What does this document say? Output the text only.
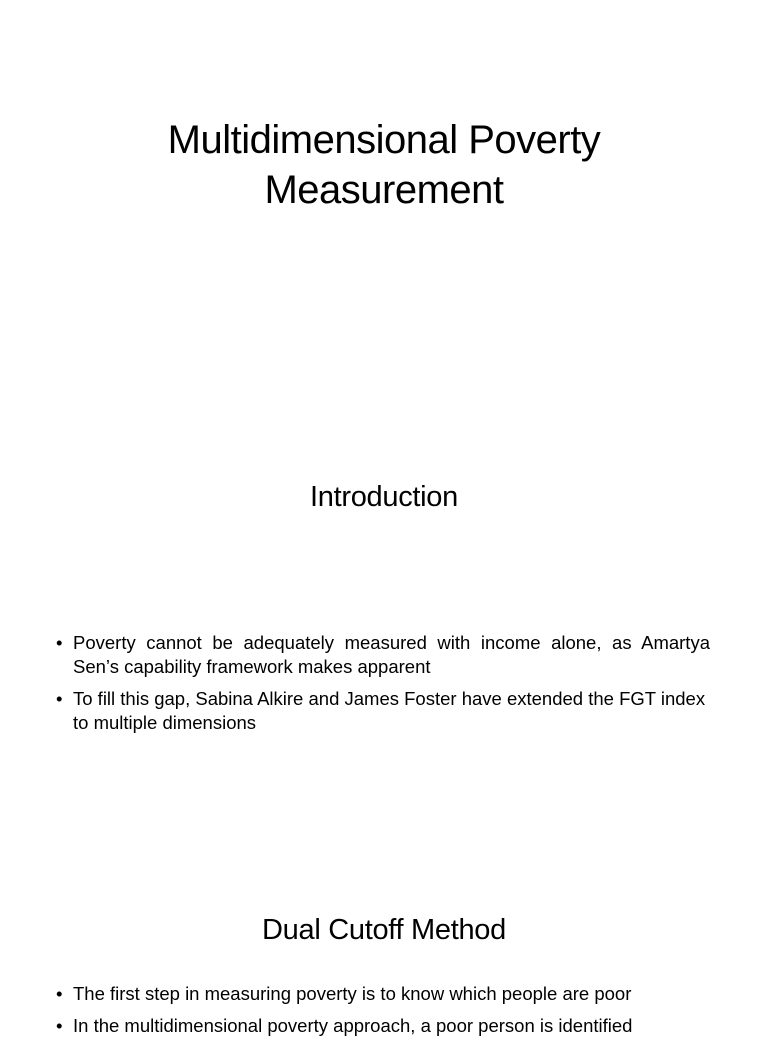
Multidimensional Poverty Measurement
Introduction
• Poverty cannot be adequately measured with income alone, as Amartya Sen’s capability framework makes apparent
• To fill this gap, Sabina Alkire and James Foster have extended the FGT index to multiple dimensions
Dual Cutoff Method
• The first step in measuring poverty is to know which people are poor
• In the multidimensional poverty approach, a poor person is identified
